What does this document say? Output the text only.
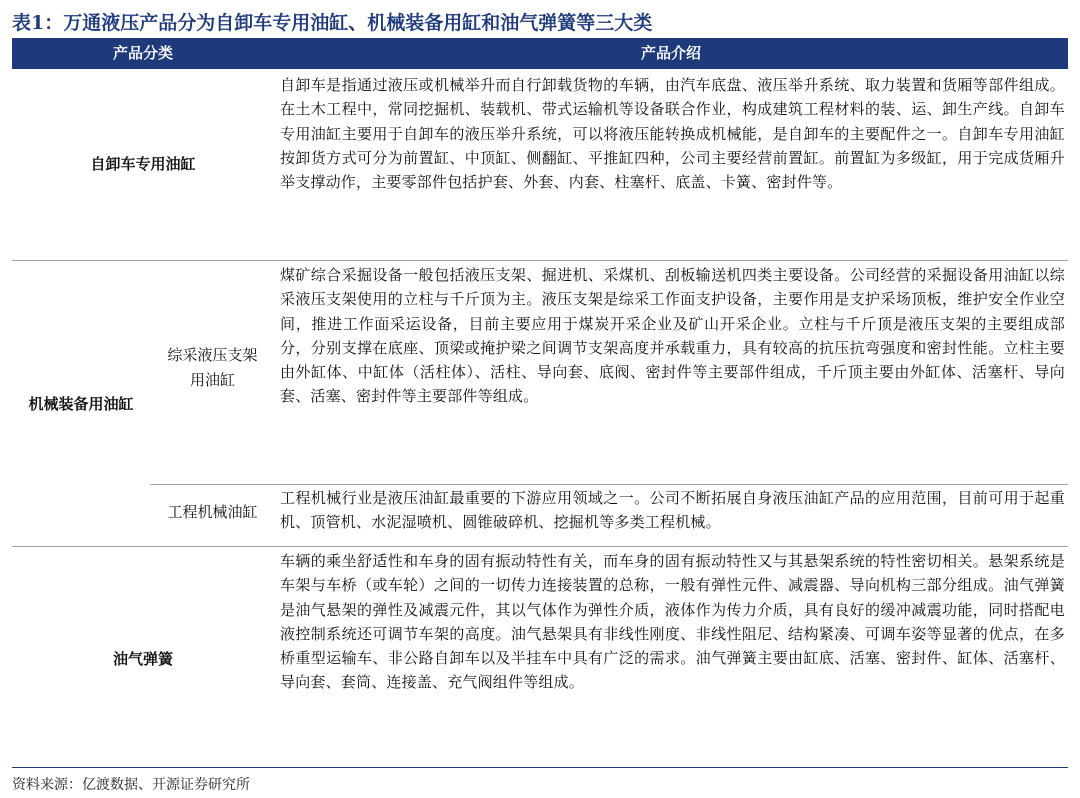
表1：万通液压产品分为自卸车专用油缸、机械装备用缸和油气弹簧等三大类
产品分类	产品介绍
自卸车专用油缸
自卸车是指通过液压或机械举升而自行卸载货物的车辆，由汽车底盘、液压举升系统、取力装置和货厢等部件组成。在土木工程中，常同挖掘机、装载机、带式运输机等设备联合作业，构成建筑工程材料的装、运、卸生产线。自卸车专用油缸主要用于自卸车的液压举升系统，可以将液压能转换成机械能，是自卸车的主要配件之一。自卸车专用油缸按卸货方式可分为前置缸、中顶缸、侧翻缸、平推缸四种，公司主要经营前置缸。前置缸为多级缸，用于完成货厢升举支撑动作，主要零部件包括护套、外套、内套、柱塞杆、底盖、卡簧、密封件等。
机械装备用油缸
综采液压支架
用油缸
煤矿综合采掘设备一般包括液压支架、掘进机、采煤机、刮板输送机四类主要设备。公司经营的采掘设备用油缸以综采液压支架使用的立柱与千斤顶为主。液压支架是综采工作面支护设备，主要作用是支护采场顶板，维护安全作业空间，推进工作面采运设备，目前主要应用于煤炭开采企业及矿山开采企业。立柱与千斤顶是液压支架的主要组成部分，分别支撑在底座、顶梁或掩护梁之间调节支架高度并承载重力，具有较高的抗压抗弯强度和密封性能。立柱主要由外缸体、中缸体（活柱体）、活柱、导向套、底阀、密封件等主要部件组成，千斤顶主要由外缸体、活塞杆、导向套、活塞、密封件等主要部件等组成。
工程机械油缸
工程机械行业是液压油缸最重要的下游应用领域之一。公司不断拓展自身液压油缸产品的应用范围，目前可用于起重机、顶管机、水泥湿喷机、圆锥破碎机、挖掘机等多类工程机械。
油气弹簧
车辆的乘坐舒适性和车身的固有振动特性有关，而车身的固有振动特性又与其悬架系统的特性密切相关。悬架系统是车架与车桥（或车轮）之间的一切传力连接装置的总称，一般有弹性元件、减震器、导向机构三部分组成。油气弹簧是油气悬架的弹性及减震元件，其以气体作为弹性介质，液体作为传力介质，具有良好的缓冲减震功能，同时搭配电液控制系统还可调节车架的高度。油气悬架具有非线性刚度、非线性阻尼、结构紧凑、可调车姿等显著的优点，在多桥重型运输车、非公路自卸车以及半挂车中具有广泛的需求。油气弹簧主要由缸底、活塞、密封件、缸体、活塞杆、导向套、套筒、连接盖、充气阀组件等组成。
资料来源：亿渡数据、开源证券研究所
